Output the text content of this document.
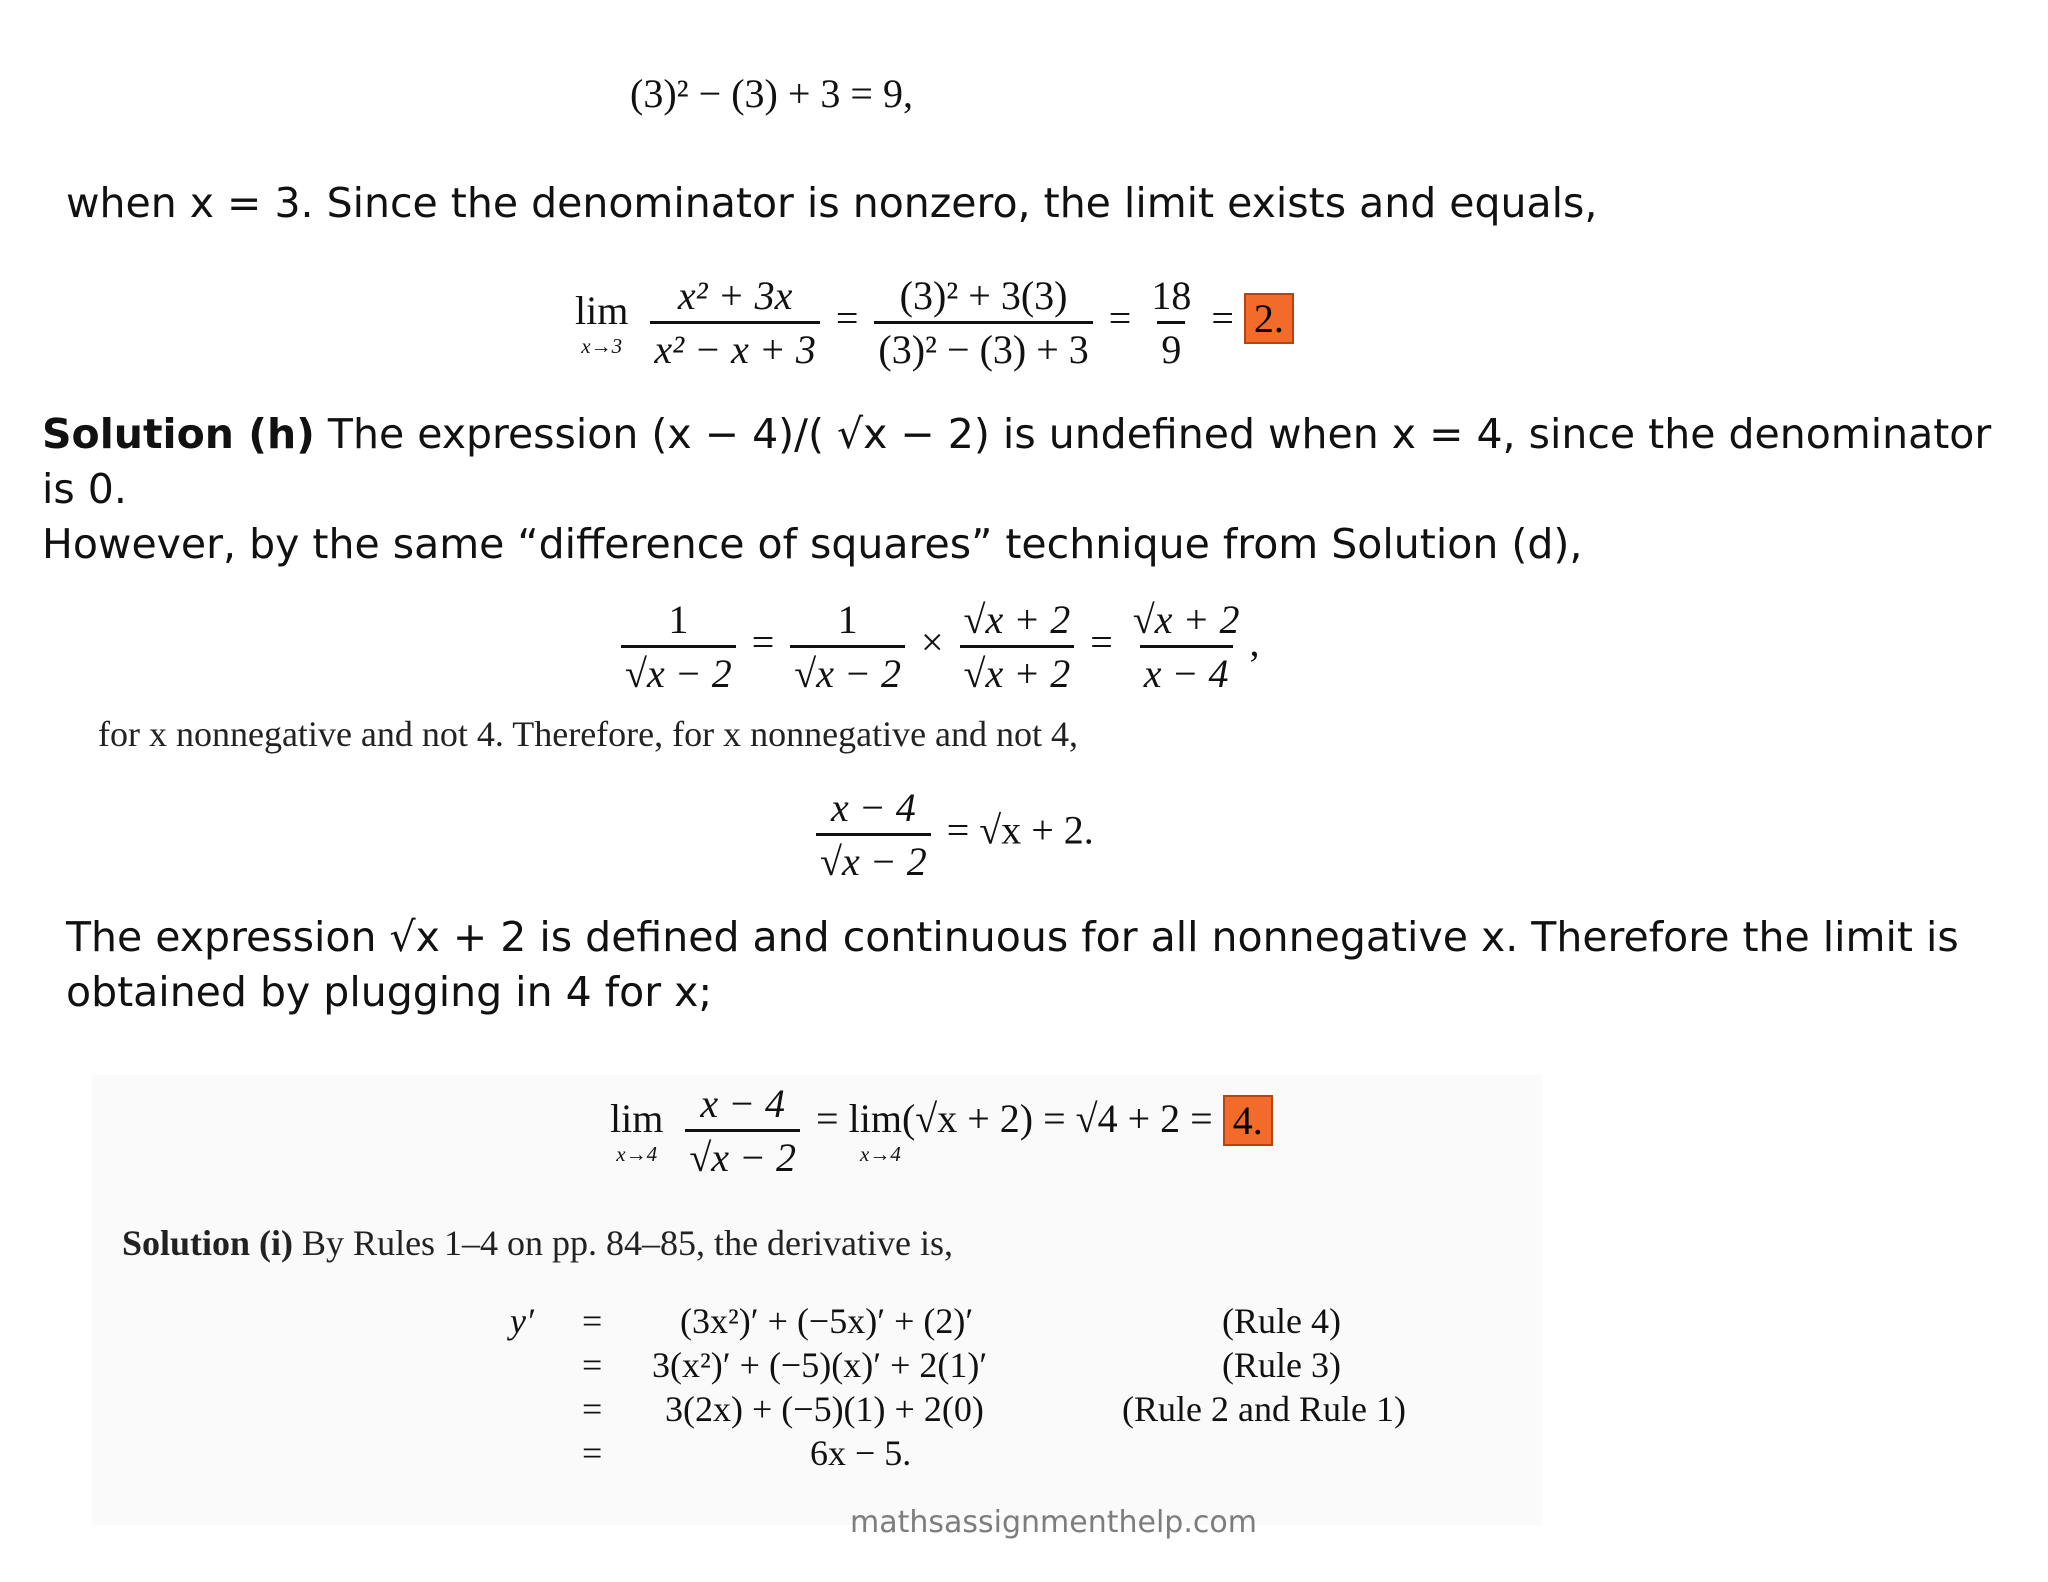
(3)² − (3) + 3 = 9,
when x = 3. Since the denominator is nonzero, the limit exists and equals,
lim
x→3
$\frac{\text{x² + 3x}}{\text{x² − x + 3}} = \frac{\text{(3)² + 3(3)}}{\text{(3)² − (3) + 3}} = \frac{18}{9} = 2$.
Solution (h) The expression (x − 4)/( √x − 2) is undefined when x = 4, since the denominator is 0.
However, by the same “difference of squares” technique from Solution (d),
$\frac{1}{√x - 2} = \frac{1}{√x - 2} \times \frac{√x + 2}{√x + 2} = \frac{√x + 2}{x - 4}$ ,
for x nonnegative and not 4. Therefore, for x nonnegative and not 4,
$\frac{x - 4}{√x - 2} = √x + 2$.
The expression √x + 2 is defined and continuous for all nonnegative x. Therefore the limit is
obtained by plugging in 4 for x;
lim
x→4
$\frac{x - 4}{√x - 2}$
= lim(√x + 2) = √4 + 2 =
x→4
4.
Solution (i) By Rules 1–4 on pp. 84–85, the derivative is,
y′ = (3x²)′ + (−5x)′ + (2)′	(Rule 4)
= 3(x²)′ + (−5)(x)′ + 2(1)′	(Rule 3)
= 3(2x) + (−5)(1) + 2(0)	(Rule 2 and Rule 1)
=	6x − 5.
mathsassignmenthelp.com
